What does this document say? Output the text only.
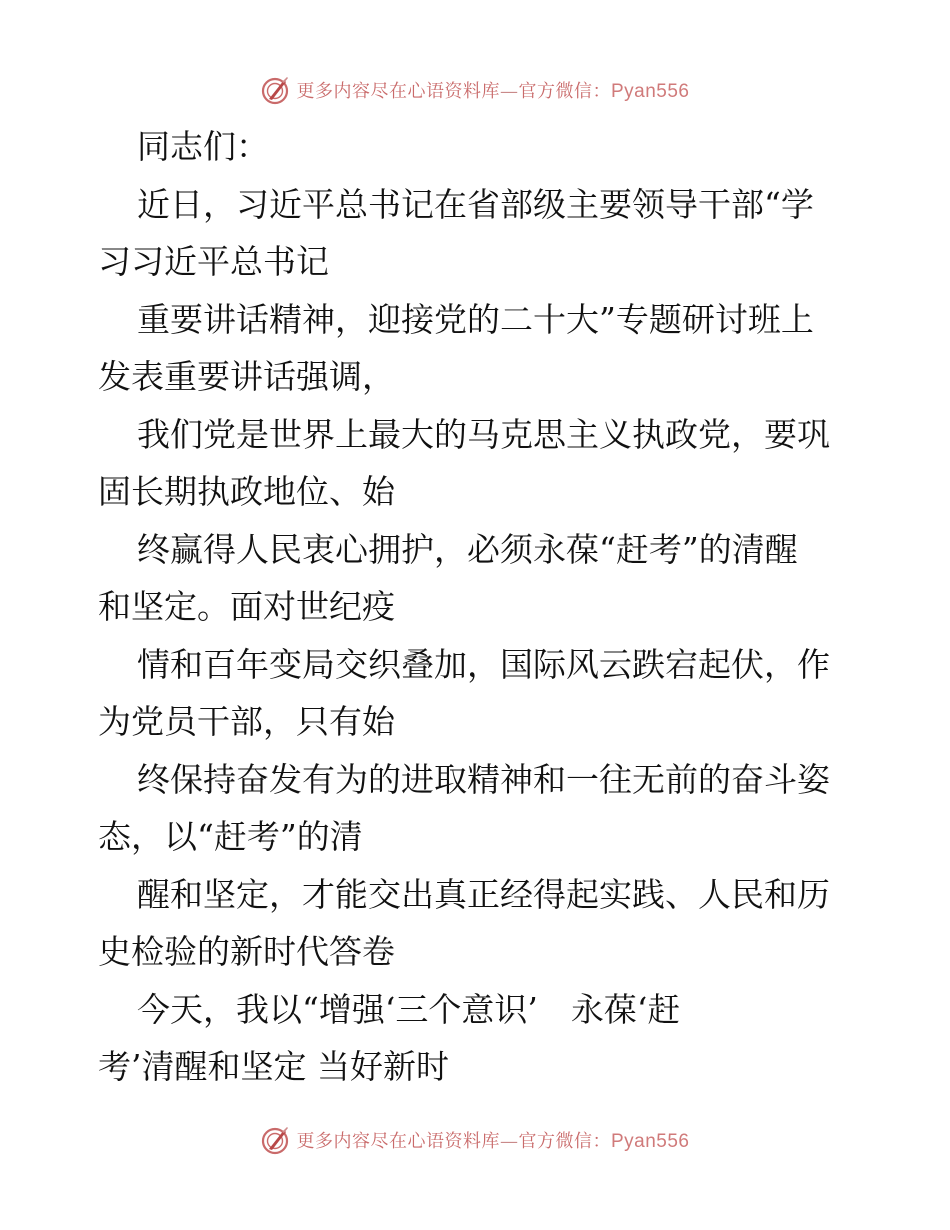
更多内容尽在心语资料库—官方微信：Pyan556
同志们：
近日，习近平总书记在省部级主要领导干部“学
习习近平总书记
重要讲话精神，迎接党的二十大”专题研讨班上
发表重要讲话强调，
我们党是世界上最大的马克思主义执政党，要巩
固长期执政地位、始
终赢得人民衷心拥护，必须永葆“赶考”的清醒
和坚定。面对世纪疫
情和百年变局交织叠加，国际风云跌宕起伏，作
为党员干部，只有始
终保持奋发有为的进取精神和一往无前的奋斗姿
态，以“赶考”的清
醒和坚定，才能交出真正经得起实践、人民和历
史检验的新时代答卷
今天，我以“增强‘三个意识’　永葆‘赶
考’清醒和坚定 当好新时
更多内容尽在心语资料库—官方微信：Pyan556
